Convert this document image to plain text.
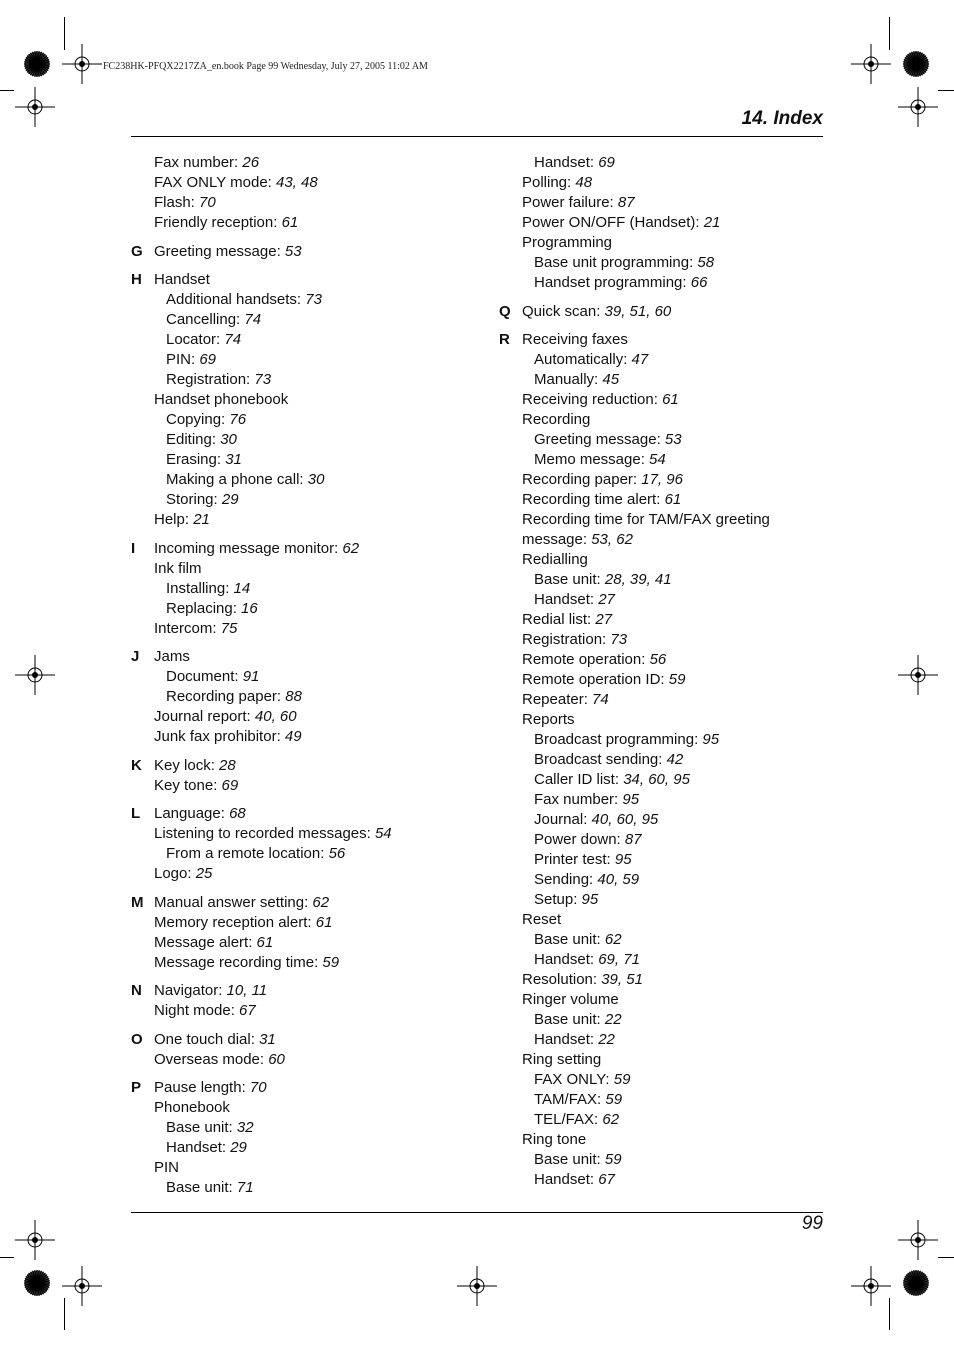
FC238HK-PFQX2217ZA_en.book Page 99 Wednesday, July 27, 2005 11:02 AM
14. Index
Fax number: 26
FAX ONLY mode: 43, 48
Flash: 70
Friendly reception: 61
G Greeting message: 53
H Handset
Additional handsets: 73
Cancelling: 74
Locator: 74
PIN: 69
Registration: 73
Handset phonebook
Copying: 76
Editing: 30
Erasing: 31
Making a phone call: 30
Storing: 29
Help: 21
I	Incoming message monitor: 62
Ink film
Installing: 14
Replacing: 16
Intercom: 75
J Jams
Document: 91
Recording paper: 88
Journal report: 40, 60
Junk fax prohibitor: 49
K Key lock: 28
Key tone: 69
L Language: 68
Listening to recorded messages: 54
From a remote location: 56
Logo: 25
M Manual answer setting: 62
Memory reception alert: 61
Message alert: 61
Message recording time: 59
N Navigator: 10, 11
Night mode: 67
O One touch dial: 31
Overseas mode: 60
P Pause length: 70
Phonebook
Base unit: 32
Handset: 29
PIN
Base unit: 71
Handset: 69
Polling: 48
Power failure: 87
Power ON/OFF (Handset): 21
Programming
Base unit programming: 58
Handset programming: 66
Q Quick scan: 39, 51, 60
R Receiving faxes
Automatically: 47
Manually: 45
Receiving reduction: 61
Recording
Greeting message: 53
Memo message: 54
Recording paper: 17, 96
Recording time alert: 61
Recording time for TAM/FAX greeting message: 53, 62
Redialling
Base unit: 28, 39, 41
Handset: 27
Redial list: 27
Registration: 73
Remote operation: 56
Remote operation ID: 59
Repeater: 74
Reports
Broadcast programming: 95
Broadcast sending: 42
Caller ID list: 34, 60, 95
Fax number: 95
Journal: 40, 60, 95
Power down: 87
Printer test: 95
Sending: 40, 59
Setup: 95
Reset
Base unit: 62
Handset: 69, 71
Resolution: 39, 51
Ringer volume
Base unit: 22
Handset: 22
Ring setting
FAX ONLY: 59
TAM/FAX: 59
TEL/FAX: 62
Ring tone
Base unit: 59
Handset: 67
99
